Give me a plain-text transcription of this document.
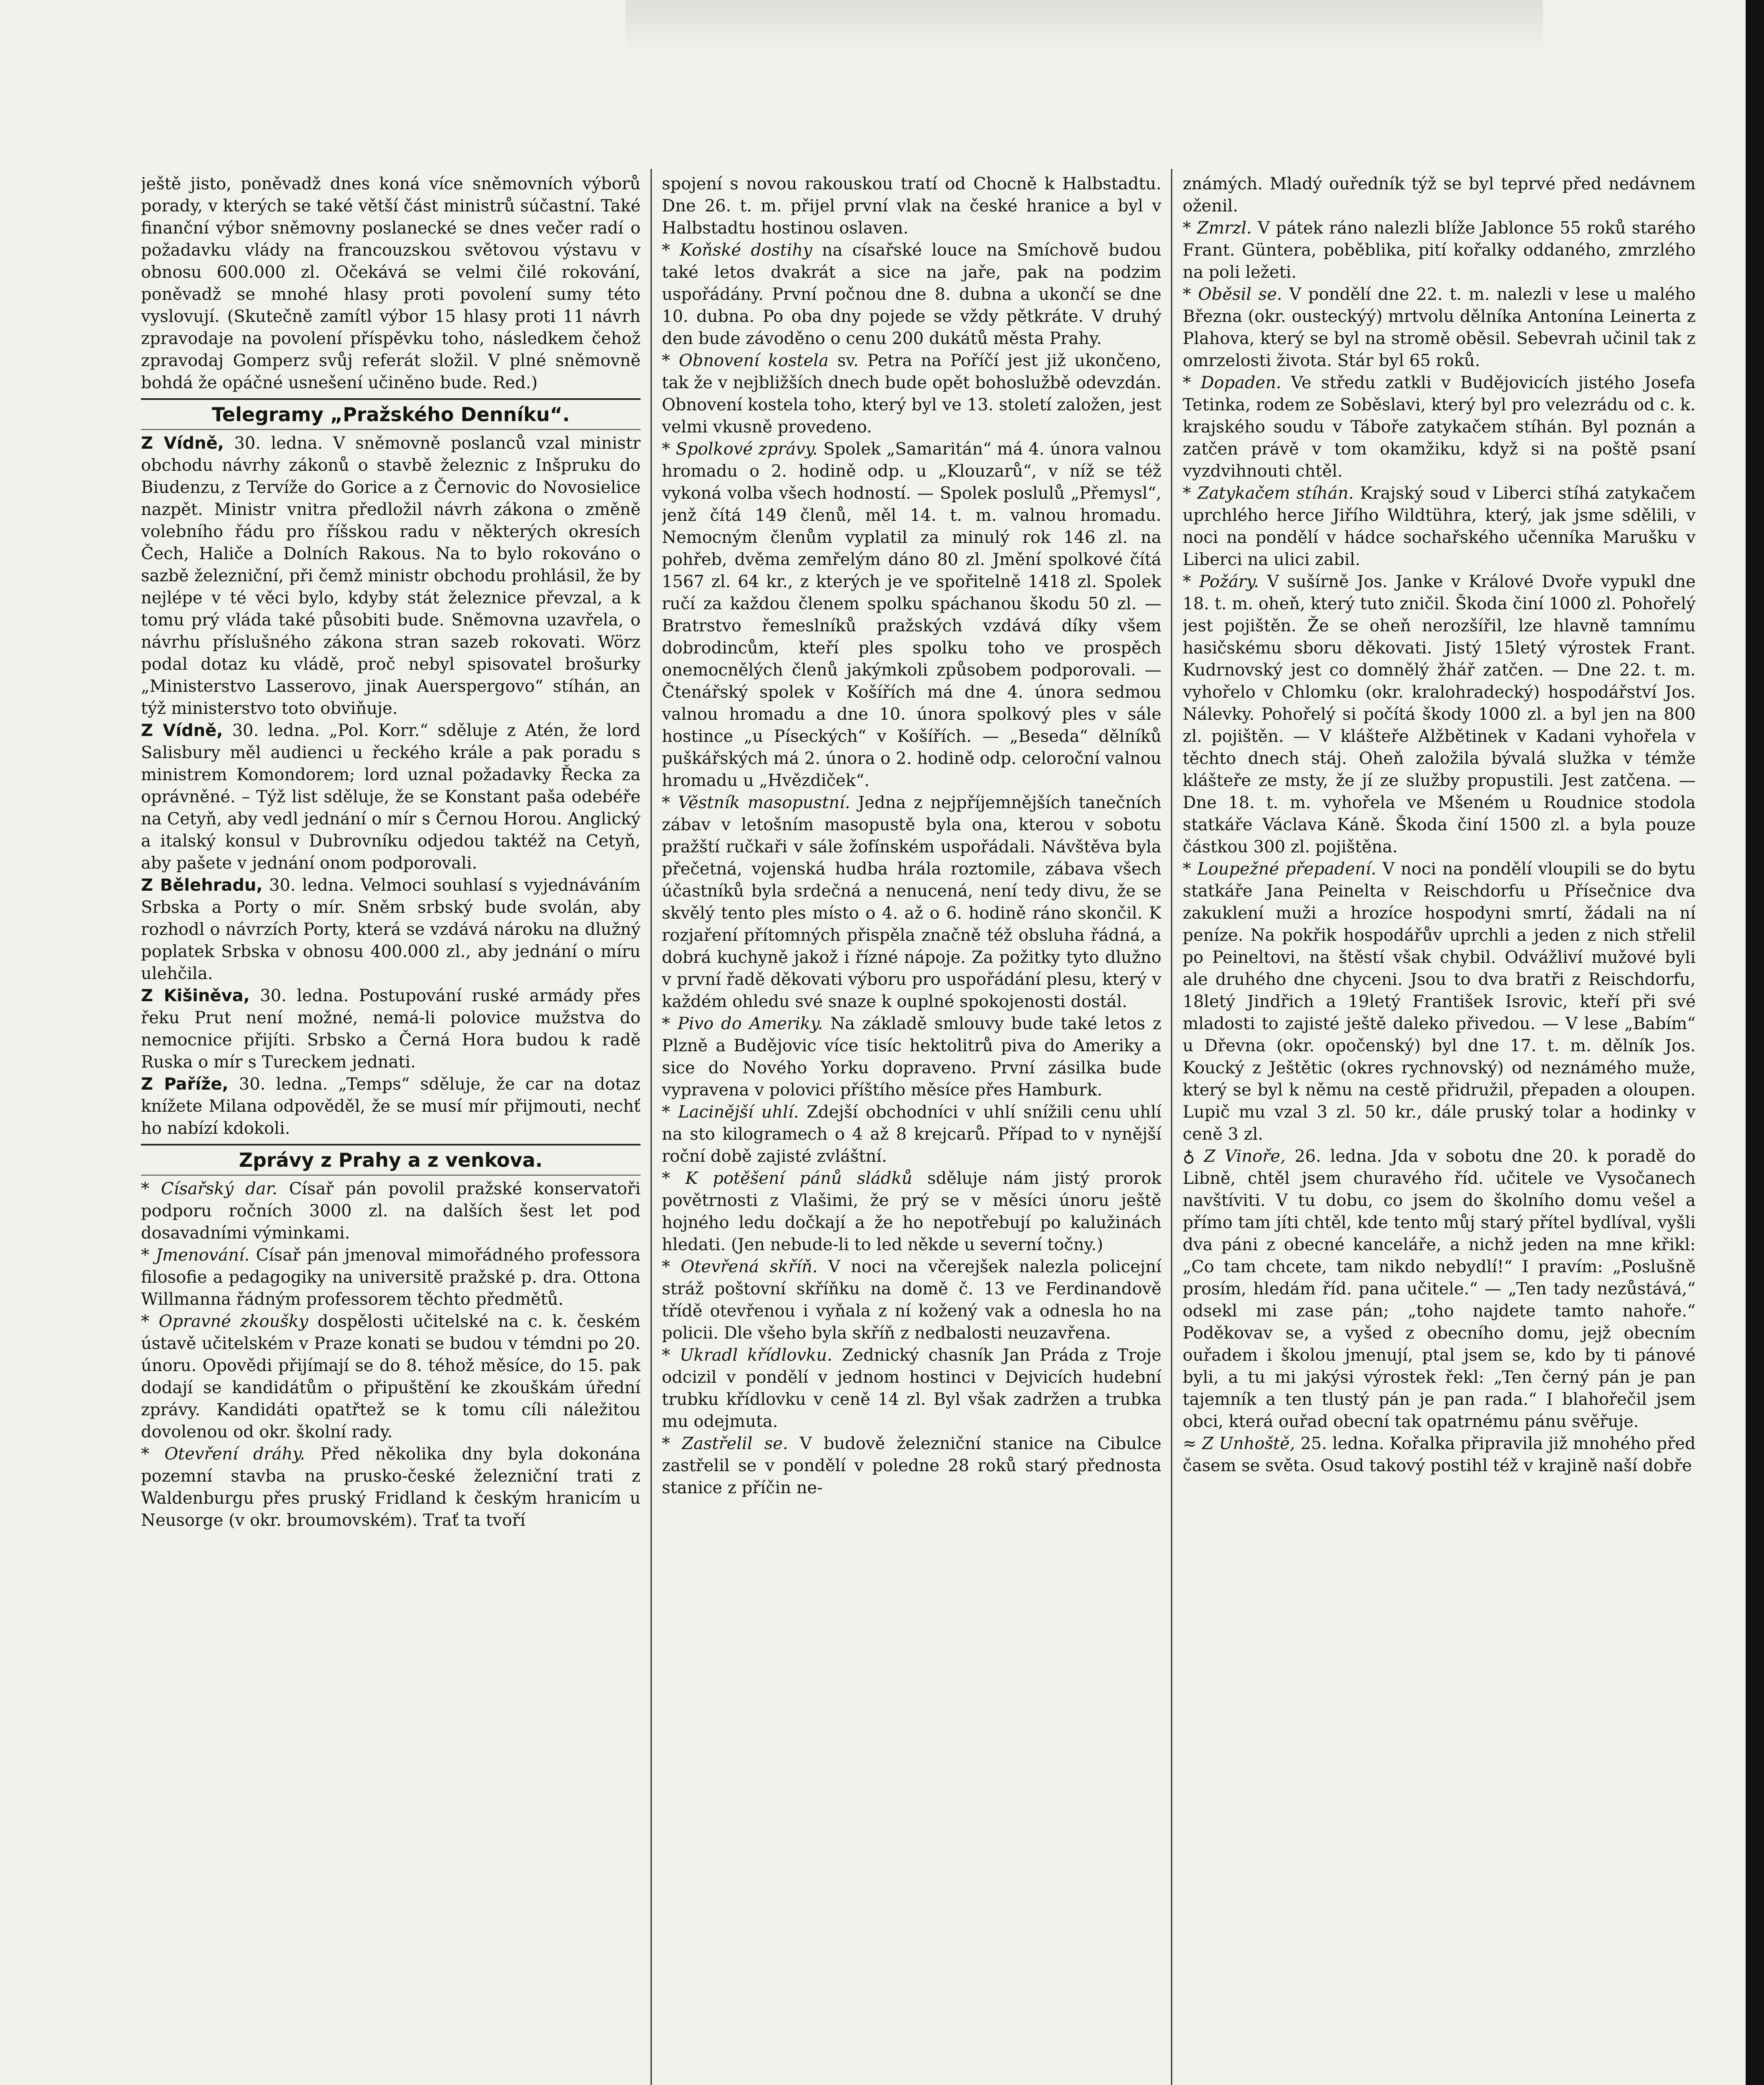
ještě jisto, poněvadž dnes koná více sněmovních výborů porady, v kterých se také větší část ministrů súčastní. Také finanční výbor sněmovny poslanecké se dnes večer radí o požadavku vlády na francouzskou světovou výstavu v obnosu 600.000 zl. Očekává se velmi čilé rokování, poněvadž se mnohé hlasy proti povolení sumy této vyslovují. (Skutečně zamítl výbor 15 hlasy proti 11 návrh zpravodaje na povolení příspěvku toho, následkem čehož zpravodaj Gomperz svůj referát složil. V plné sněmovně bohdá že opáčné usnešení učiněno bude. Red.)

Telegramy „Pražského Denníku“.

Z Vídně, 30. ledna. V sněmovně poslanců vzal ministr obchodu návrhy zákonů o stavbě železnic z Inšpruku do Biudenzu, z Tervíže do Gorice a z Černovic do Novosielice nazpět. Ministr vnitra předložil návrh zákona o změně volebního řádu pro říšskou radu v některých okresích Čech, Haliče a Dolních Rakous. Na to bylo rokováno o sazbě železniční, při čemž ministr obchodu prohlásil, že by nejlépe v té věci bylo, kdyby stát železnice převzal, a k tomu prý vláda také působiti bude. Sněmovna uzavřela, o návrhu příslušného zákona stran sazeb rokovati. Wörz podal dotaz ku vládě, proč nebyl spisovatel brošurky „Ministerstvo Lasserovo, jinak Auerspergovo“ stíhán, an týž ministerstvo toto obviňuje.

Z Vídně, 30. ledna. „Pol. Korr.“ sděluje z Atén, že lord Salisbury měl audienci u řeckého krále a pak poradu s ministrem Komondorem; lord uznal požadavky Řecka za oprávněné. – Týž list sděluje, že se Konstant paša odebéře na Cetyň, aby vedl jednání o mír s Černou Horou. Anglický a italský konsul v Dubrovníku odjedou taktéž na Cetyň, aby pašete v jednání onom podporovali.

Z Bělehradu, 30. ledna. Velmoci souhlasí s vyjednáváním Srbska a Porty o mír. Sněm srbský bude svolán, aby rozhodl o návrzích Porty, která se vzdává nároku na dlužný poplatek Srbska v obnosu 400.000 zl., aby jednání o míru ulehčila.

Z Kišiněva, 30. ledna. Postupování ruské armády přes řeku Prut není možné, nemá-li polovice mužstva do nemocnice přijíti. Srbsko a Černá Hora budou k radě Ruska o mír s Tureckem jednati.

Z Paříže, 30. ledna. „Temps“ sděluje, že car na dotaz knížete Milana odpověděl, že se musí mír přijmouti, nechť ho nabízí kdokoli.

Zprávy z Prahy a z venkova.

* Císařský dar. Císař pán povolil pražské konservatoři podporu ročních 3000 zl. na dalších šest let pod dosavadními výminkami.

* Jmenování. Císař pán jmenoval mimořádného professora filosofie a pedagogiky na universitě pražské p. dra. Ottona Willmanna řádným professorem těchto předmětů.

* Opravné zkoušky dospělosti učitelské na c. k. českém ústavě učitelském v Praze konati se budou v témdni po 20. únoru. Opovědi přijímají se do 8. téhož měsíce, do 15. pak dodají se kandidátům o připuštění ke zkouškám úřední zprávy. Kandidáti opatřtež se k tomu cíli náležitou dovolenou od okr. školní rady.

* Otevření dráhy. Před několika dny byla dokonána pozemní stavba na prusko-české železniční trati z Waldenburgu přes pruský Fridland k českým hranicím u Neusorge (v okr. broumovském). Trať ta tvoří

spojení s novou rakouskou tratí od Chocně k Halbstadtu. Dne 26. t. m. přijel první vlak na české hranice a byl v Halbstadtu hostinou oslaven.

* Koňské dostihy na císařské louce na Smíchově budou také letos dvakrát a sice na jaře, pak na podzim uspořádány. První počnou dne 8. dubna a ukončí se dne 10. dubna. Po oba dny pojede se vždy pětkráte. V druhý den bude závoděno o cenu 200 dukátů města Prahy.

* Obnovení kostela sv. Petra na Poříčí jest již ukončeno, tak že v nejbližších dnech bude opět bohoslužbě odevzdán. Obnovení kostela toho, který byl ve 13. století založen, jest velmi vkusně provedeno.

* Spolkové zprávy. Spolek „Samaritán“ má 4. února valnou hromadu o 2. hodině odp. u „Klouzarů“, v níž se též vykoná volba všech hodností. — Spolek poslulů „Přemysl“, jenž čítá 149 členů, měl 14. t. m. valnou hromadu. Nemocným členům vyplatil za minulý rok 146 zl. na pohřeb, dvěma zemřelým dáno 80 zl. Jmění spolkové čítá 1567 zl. 64 kr., z kterých je ve spořitelně 1418 zl. Spolek ručí za každou členem spolku spáchanou škodu 50 zl. — Bratrstvo řemeslníků pražských vzdává díky všem dobrodincům, kteří ples spolku toho ve prospěch onemocnělých členů jakýmkoli způsobem podporovali. — Čtenářský spolek v Košířích má dne 4. února sedmou valnou hromadu a dne 10. února spolkový ples v sále hostince „u Píseckých“ v Košířích. — „Beseda“ dělníků puškářských má 2. února o 2. hodině odp. celoroční valnou hromadu u „Hvězdiček“.

* Věstník masopustní. Jedna z nejpříjemnějších tanečních zábav v letošním masopustě byla ona, kterou v sobotu pražští ručkaři v sále žofínském uspořádali. Návštěva byla přečetná, vojenská hudba hrála roztomile, zábava všech účastníků byla srdečná a nenucená, není tedy divu, že se skvělý tento ples místo o 4. až o 6. hodině ráno skončil. K rozjaření přítomných přispěla značně též obsluha řádná, a dobrá kuchyně jakož i řízné nápoje. Za požitky tyto dlužno v první řadě děkovati výboru pro uspořádání plesu, který v každém ohledu své snaze k ouplné spokojenosti dostál.

* Pivo do Ameriky. Na základě smlouvy bude také letos z Plzně a Budějovic více tisíc hektolitrů piva do Ameriky a sice do Nového Yorku dopraveno. První zásilka bude vypravena v polovici příštího měsíce přes Hamburk.

* Lacinější uhlí. Zdejší obchodníci v uhlí snížili cenu uhlí na sto kilogramech o 4 až 8 krejcarů. Případ to v nynější roční době zajisté zvláštní.

* K potěšení pánů sládků sděluje nám jistý prorok povětrnosti z Vlašimi, že prý se v měsíci únoru ještě hojného ledu dočkají a že ho nepotřebují po kalužinách hledati. (Jen nebude-li to led někde u severní točny.)

* Otevřená skříň. V noci na včerejšek nalezla policejní stráž poštovní skříňku na domě č. 13 ve Ferdinandově třídě otevřenou i vyňala z ní kožený vak a odnesla ho na policii. Dle všeho byla skříň z nedbalosti neuzavřena.

* Ukradl křídlovku. Zednický chasník Jan Práda z Troje odcizil v pondělí v jednom hostinci v Dejvicích hudební trubku křídlovku v ceně 14 zl. Byl však zadržen a trubka mu odejmuta.

* Zastřelil se. V budově železniční stanice na Cibulce zastřelil se v pondělí v poledne 28 roků starý přednosta stanice z příčin ne-

známých. Mladý ouředník týž se byl teprvé před nedávnem oženil.

* Zmrzl. V pátek ráno nalezli blíže Jablonce 55 roků starého Frant. Güntera, poběblika, pití kořalky oddaného, zmrzlého na poli ležeti.

* Oběsil se. V pondělí dne 22. t. m. nalezli v lese u malého Března (okr. ousteckýý) mrtvolu dělníka Antonína Leinerta z Plahova, který se byl na stromě oběsil. Sebevrah učinil tak z omrzelosti života. Stár byl 65 roků.

* Dopaden. Ve středu zatkli v Budějovicích jistého Josefa Tetinka, rodem ze Soběslavi, který byl pro velezrádu od c. k. krajského soudu v Táboře zatykačem stíhán. Byl poznán a zatčen právě v tom okamžiku, když si na poště psaní vyzdvihnouti chtěl.

* Zatykačem stíhán. Krajský soud v Liberci stíhá zatykačem uprchlého herce Jiřího Wildtühra, který, jak jsme sdělili, v noci na pondělí v hádce sochařského učenníka Marušku v Liberci na ulici zabil.

* Požáry. V sušírně Jos. Janke v Králové Dvoře vypukl dne 18. t. m. oheň, který tuto zničil. Škoda činí 1000 zl. Pohořelý jest pojištěn. Že se oheň nerozšířil, lze hlavně tamnímu hasičskému sboru děkovati. Jistý 15letý výrostek Frant. Kudrnovský jest co domnělý žhář zatčen. — Dne 22. t. m. vyhořelo v Chlomku (okr. kralohradecký) hospodářství Jos. Nálevky. Pohořelý si počítá škody 1000 zl. a byl jen na 800 zl. pojištěn. — V klášteře Alžbětinek v Kadani vyhořela v těchto dnech stáj. Oheň založila bývalá služka v témže klášteře ze msty, že jí ze služby propustili. Jest zatčena. — Dne 18. t. m. vyhořela ve Mšeném u Roudnice stodola statkáře Václava Káně. Škoda činí 1500 zl. a byla pouze částkou 300 zl. pojištěna.

* Loupežné přepadení. V noci na pondělí vloupili se do bytu statkáře Jana Peinelta v Reischdorfu u Přísečnice dva zakuklení muži a hrozíce hospodyni smrtí, žádali na ní peníze. Na pokřik hospodářův uprchli a jeden z nich střelil po Peineltovi, na štěstí však chybil. Odvážliví mužové byli ale druhého dne chyceni. Jsou to dva bratři z Reischdorfu, 18letý Jindřich a 19letý František Isrovic, kteří při své mladosti to zajisté ještě daleko přivedou. — V lese „Babím“ u Dřevna (okr. opočenský) byl dne 17. t. m. dělník Jos. Koucký z Ještětic (okres rychnovský) od neznámého muže, který se byl k němu na cestě přidružil, přepaden a oloupen. Lupič mu vzal 3 zl. 50 kr., dále pruský tolar a hodinky v ceně 3 zl.

♁ Z Vinoře, 26. ledna. Jda v sobotu dne 20. k poradě do Libně, chtěl jsem churavého říd. učitele ve Vysočanech navštíviti. V tu dobu, co jsem do školního domu vešel a přímo tam jíti chtěl, kde tento můj starý přítel bydlíval, vyšli dva páni z obecné kanceláře, a nichž jeden na mne křikl: „Co tam chcete, tam nikdo nebydlí!“ I pravím: „Poslušně prosím, hledám říd. pana učitele.“ — „Ten tady nezůstává,“ odsekl mi zase pán; „toho najdete tamto nahoře.“ Poděkovav se, a vyšed z obecního domu, jejž obecním ouřadem i školou jmenují, ptal jsem se, kdo by ti pánové byli, a tu mi jakýsi výrostek řekl: „Ten černý pán je pan tajemník a ten tlustý pán je pan rada.“ I blahořečil jsem obci, která ouřad obecní tak opatrnému pánu svěřuje.

≈ Z Unhoště, 25. ledna. Kořalka připravila již mnohého před časem se světa. Osud takový postihl též v krajině naší dobře
